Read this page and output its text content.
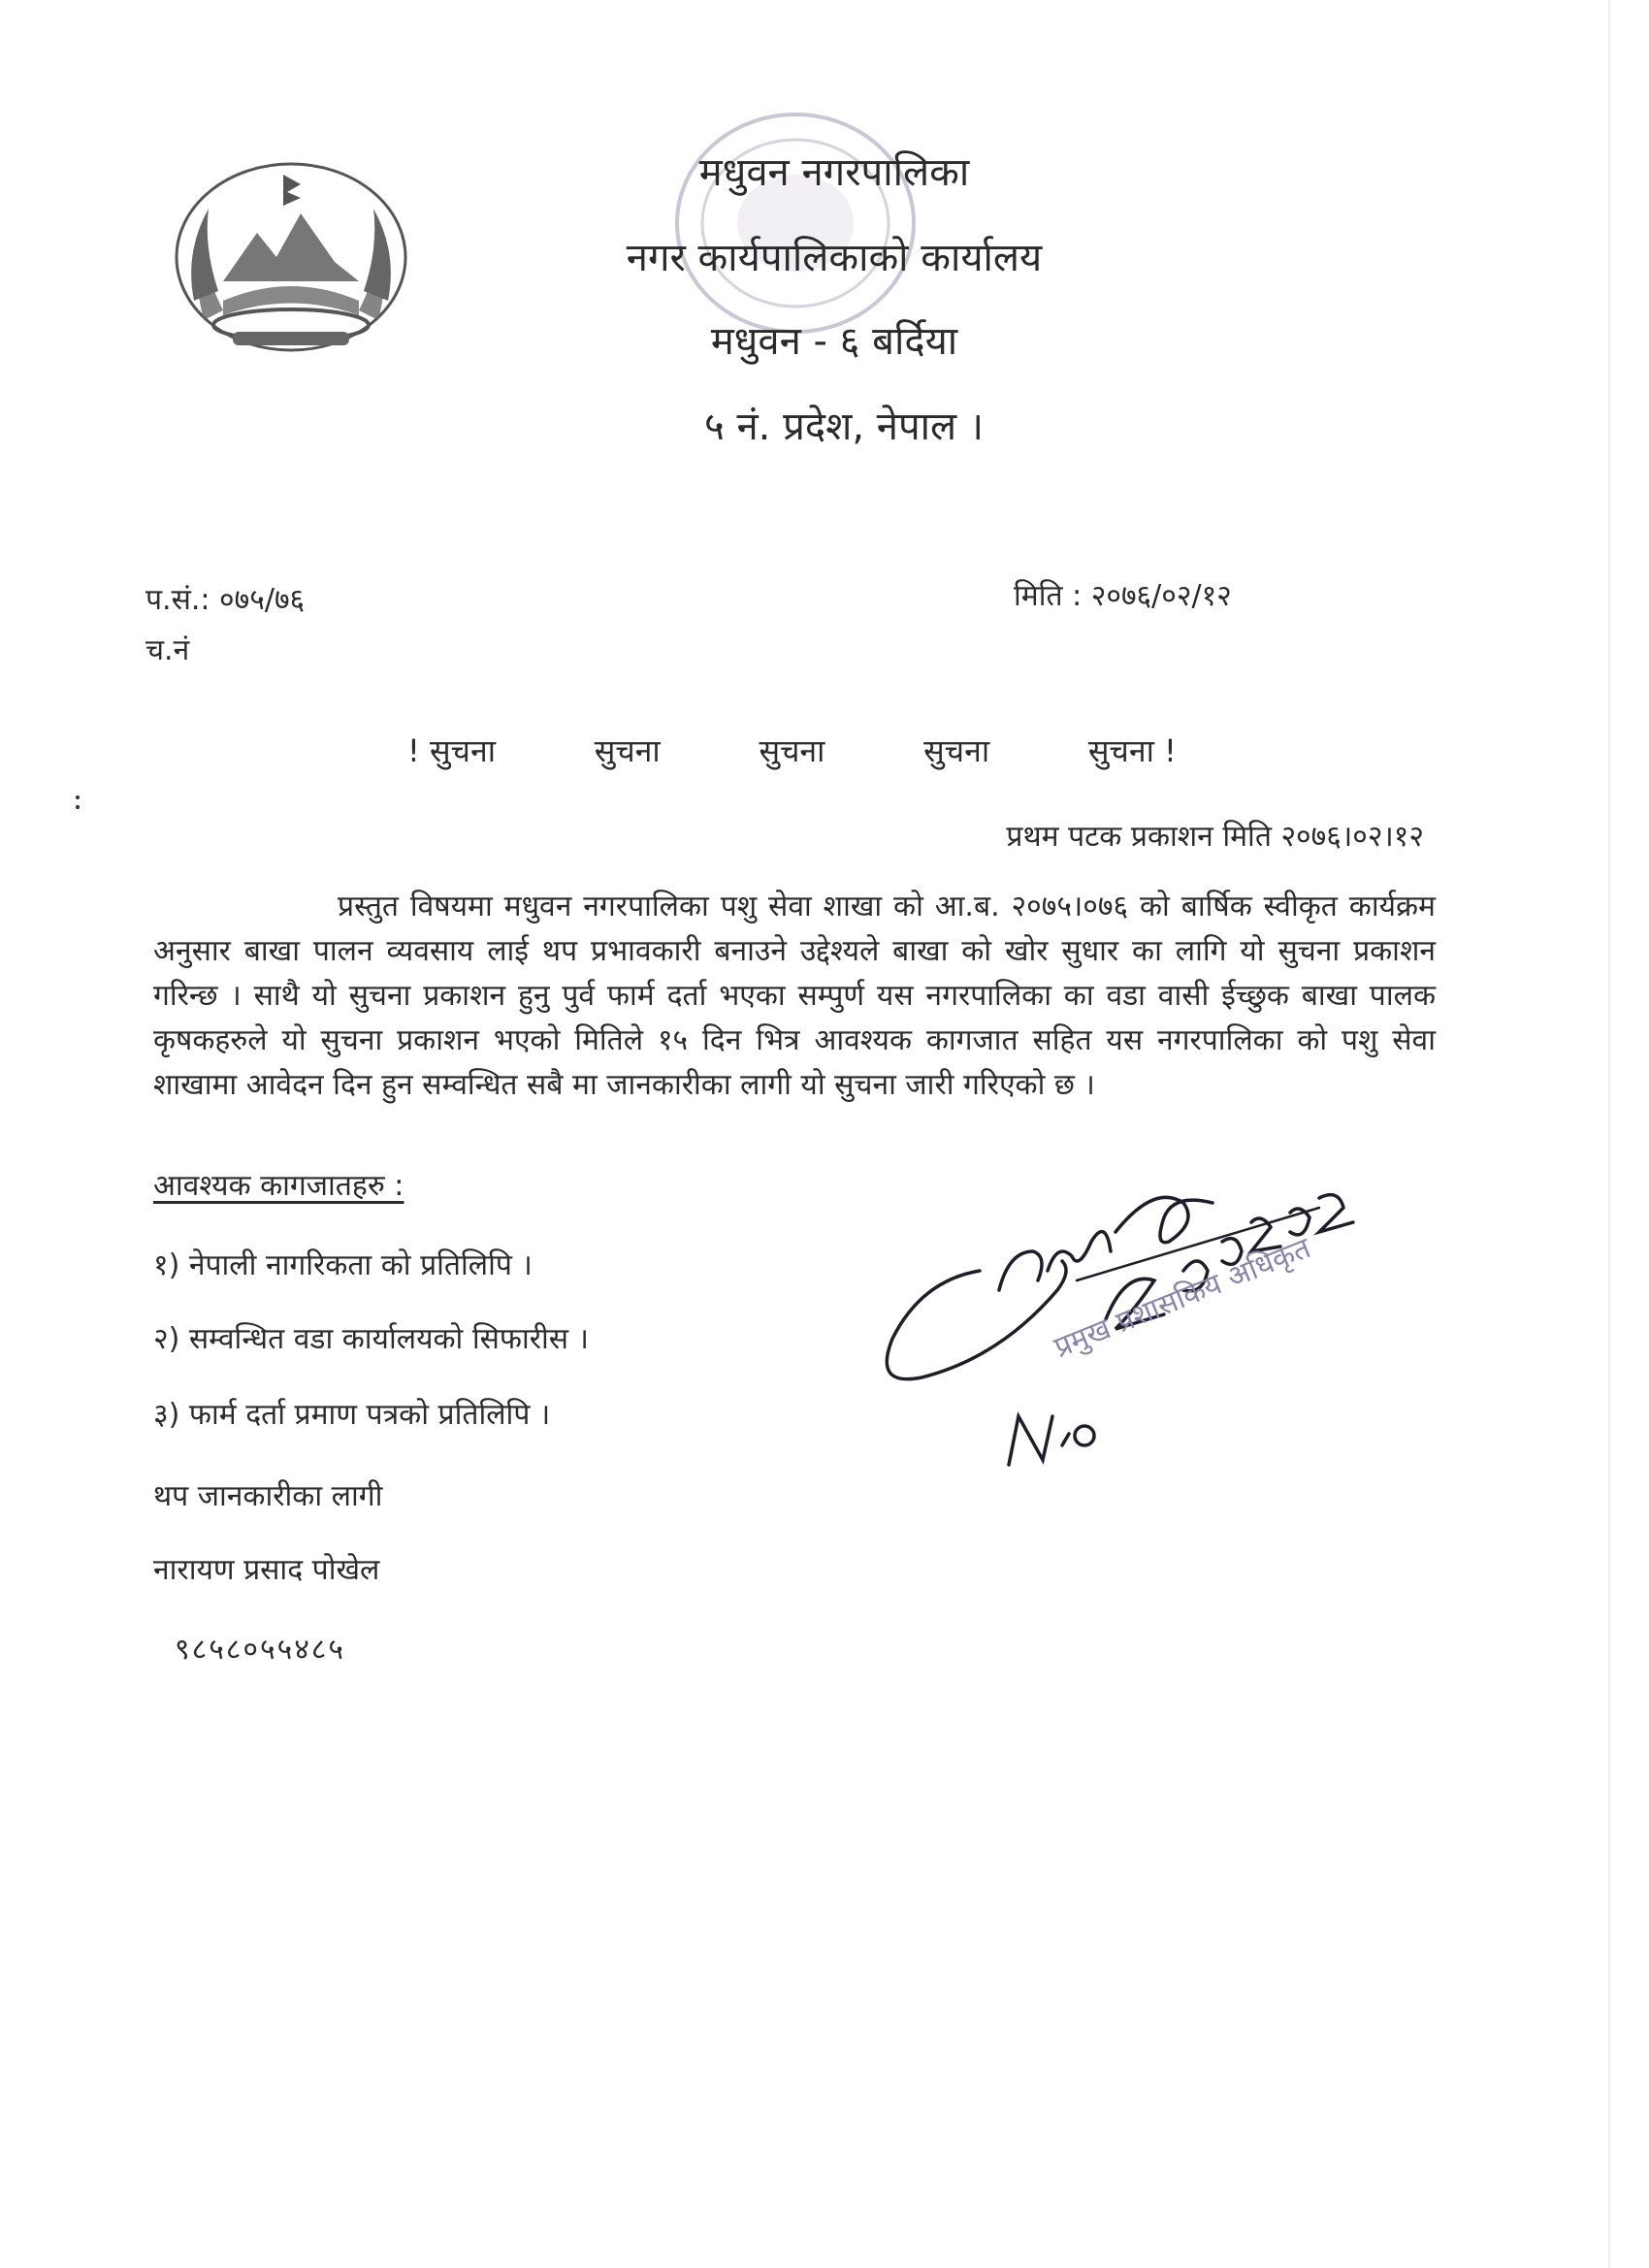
मधुवन नगरपालिका
नगर कार्यपालिकाको कार्यालय
मधुवन - ६ बर्दिया
५ नं. प्रदेश, नेपाल ।
प.सं.: ०७५/७६
च.नं
मिति : २०७६/०२/१२
! सुचना          सुचना          सुचना          सुचना          सुचना !
प्रथम पटक प्रकाशन मिति २०७६।०२।१२
प्रस्तुत विषयमा मधुवन नगरपालिका पशु सेवा शाखा को आ.ब. २०७५।०७६ को बार्षिक स्वीकृत कार्यक्रम अनुसार बाखा पालन व्यवसाय लाई थप प्रभावकारी बनाउने उद्देश्यले बाखा को खोर सुधार का लागि यो सुचना प्रकाशन गरिन्छ । साथै यो सुचना प्रकाशन हुनु पुर्व फार्म दर्ता भएका सम्पुर्ण यस नगरपालिका का वडा वासी ईच्छुक बाखा पालक कृषकहरुले यो सुचना प्रकाशन भएको मितिले १५ दिन भित्र आवश्यक कागजात सहित यस नगरपालिका को पशु सेवा शाखामा आवेदन दिन हुन सम्वन्धित सबै मा जानकारीका लागी यो सुचना जारी गरिएको छ ।
आवश्यक कागजातहरु :
१) नेपाली नागरिकता को प्रतिलिपि ।
२) सम्वन्धित वडा कार्यालयको सिफारीस ।
३) फार्म दर्ता प्रमाण पत्रको प्रतिलिपि ।
थप जानकारीका लागी
नारायण प्रसाद पोखेल
९८५८०५५४८५
प्रमुख प्रशासकिय अधिकृत
